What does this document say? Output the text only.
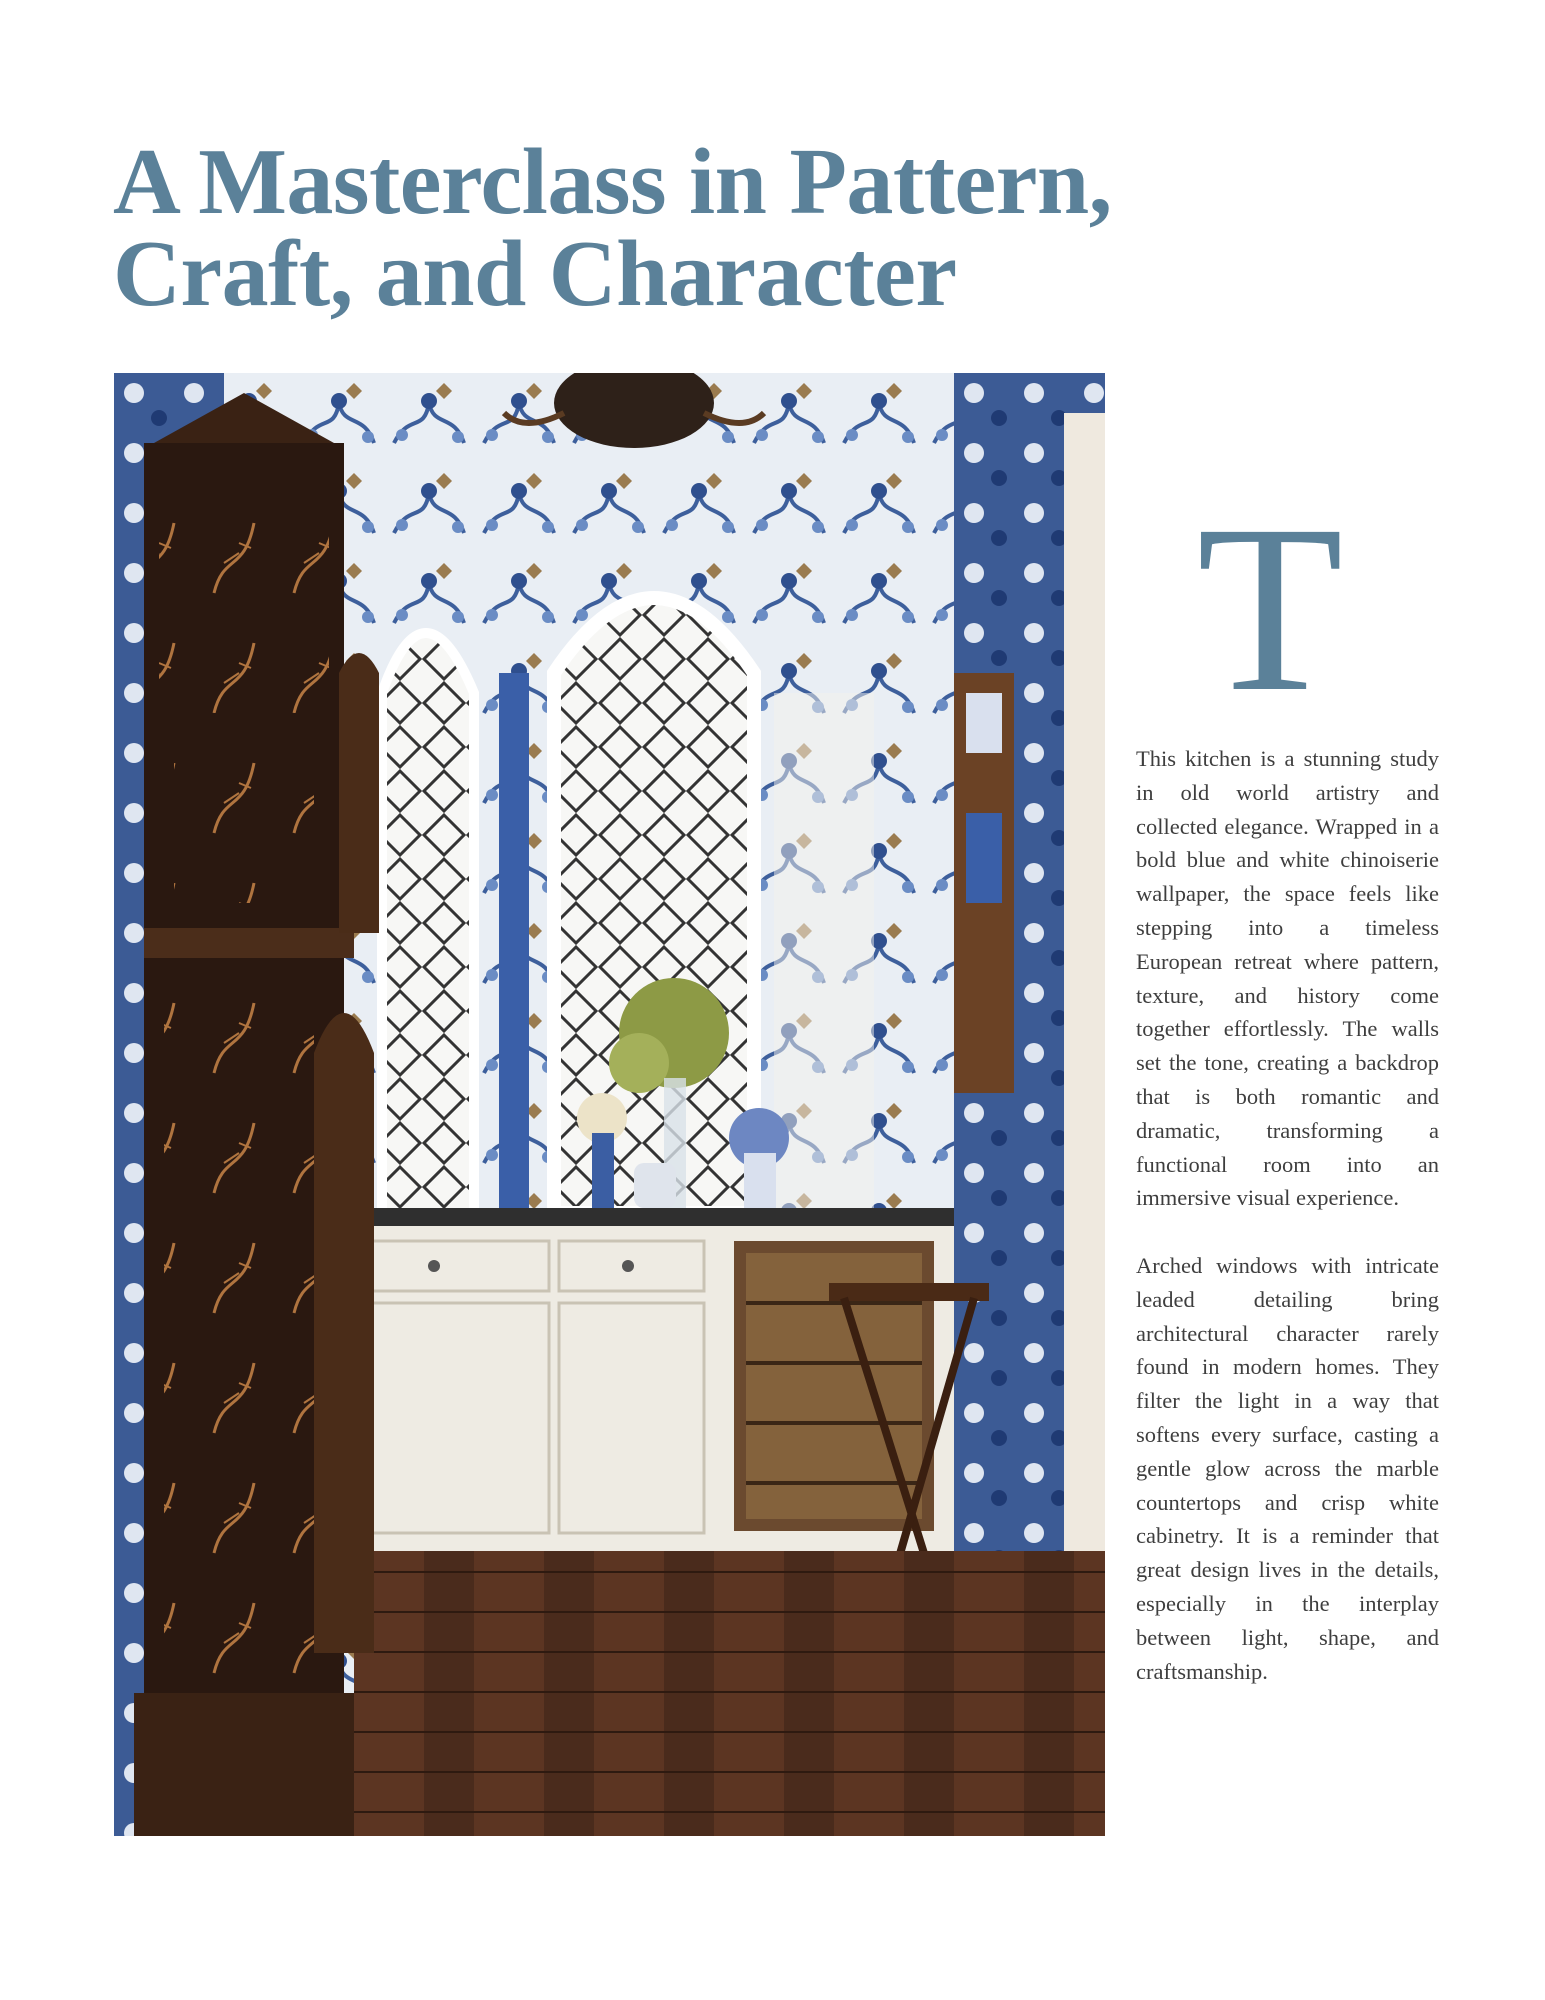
A Masterclass in Pattern,
Craft, and Character
T

This kitchen is a stunning study in old world artistry and collected elegance. Wrapped in a bold blue and white chinoiserie wallpaper, the space feels like stepping into a timeless European retreat where pattern, texture, and history come together effortlessly. The walls set the tone, creating a backdrop that is both romantic and dramatic, transforming a functional room into an immersive visual experience.

Arched windows with intricate leaded detailing bring architectural character rarely found in modern homes. They filter the light in a way that softens every surface, casting a gentle glow across the marble countertops and crisp white cabinetry. It is a reminder that great design lives in the details, especially in the interplay between light, shape, and craftsmanship.
